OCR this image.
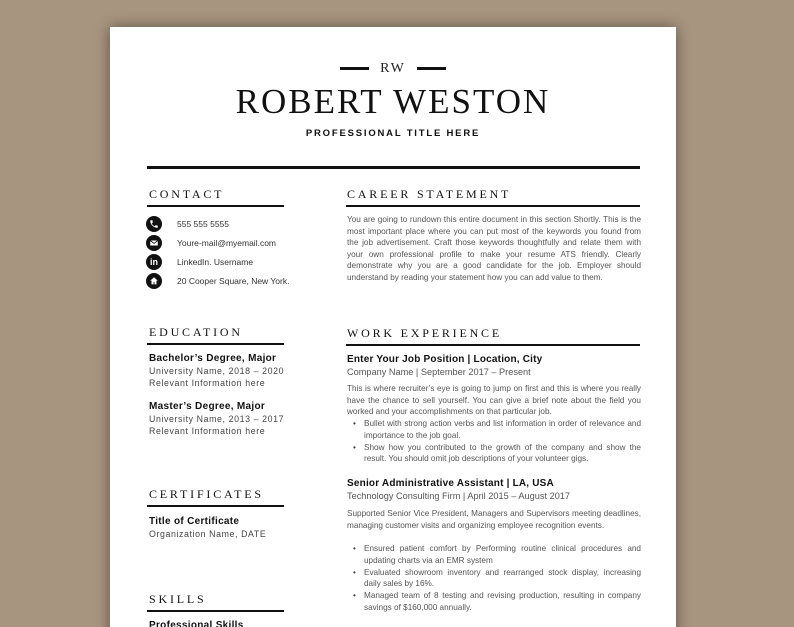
RW
ROBERT WESTON
PROFESSIONAL TITLE HERE
CONTACT
555 555 5555
Youre-mail@myemail.com
in	LinkedIn. Username
20 Cooper Square, New York.
EDUCATION
Bachelor’s Degree, Major
University Name, 2018 – 2020
Relevant Information here
Master’s Degree, Major
University Name, 2013 – 2017
Relevant Information here
CERTIFICATES
Title of Certificate
Organization Name, DATE
SKILLS
Professional Skills
CAREER STATEMENT
You are going to rundown this entire document in this section Shortly. This is the most important place where you can put most of the keywords you found from the job advertisement. Craft those keywords thoughtfully and relate them with your own professional profile to make your resume ATS friendly. Clearly demonstrate why you are a good candidate for the job. Employer should understand by reading your statement how you can add value to them.
WORK EXPERIENCE
Enter Your Job Position | Location, City
Company Name | September 2017 – Present
This is where recruiter’s eye is going to jump on first and this is where you really have the chance to sell yourself. You can give a brief note about the field you worked and your accomplishments on that particular job.
• Bullet with strong action verbs and list information in order of relevance and importance to the job goal.
• Show how you contributed to the growth of the company and show the result. You should omit job descriptions of your volunteer gigs.
Senior Administrative Assistant | LA, USA
Technology Consulting Firm | April 2015 – August 2017
Supported Senior Vice President, Managers and Supervisors meeting deadlines, managing customer visits and organizing employee recognition events.
• Ensured patient comfort by Performing routine clinical procedures and updating charts via an EMR system
• Evaluated showroom inventory and rearranged stock display, increasing daily sales by 16%.
• Managed team of 8 testing and revising production, resulting in company savings of $160,000 annually.
